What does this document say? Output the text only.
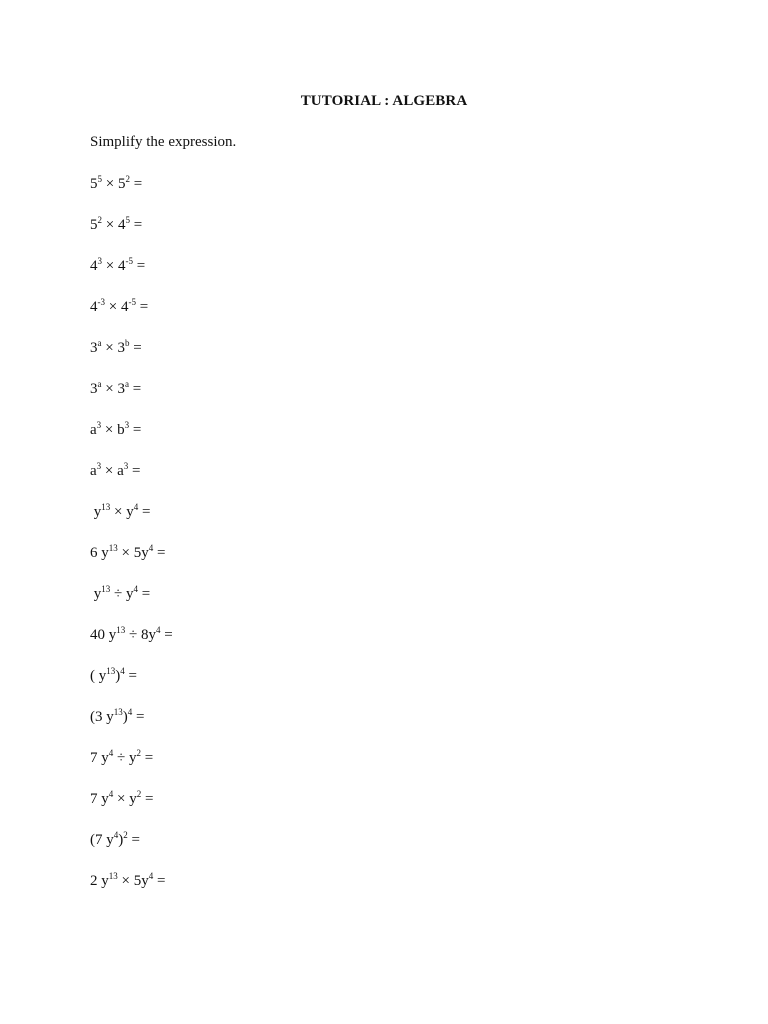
TUTORIAL : ALGEBRA
Simplify the expression.
$5^5 \times 5^2$ =
$5^2 \times 4^5$ =
$4^3 \times 4^{-5}$ =
$4^{-3} \times 4^{-5}$ =
$3^a \times 3^b$ =
$3^a \times 3^a$ =
$a^3 \times b^3$ =
$a^3 \times a^3$ =
$y^{13} \times y^4$ =
6 $y^{13} \times 5y^4$ =
$y^{13} \div y^4$ =
40 $y^{13} \div 8y^4$ =
( $y^{13})^4$ =
(3 $y^{13})^4$ =
7 $y^4 \div y^2$ =
7 $y^4 \times y^2$ =
(7 $y^4)^2$ =
2 $y^{13} \times 5y^4$ =
